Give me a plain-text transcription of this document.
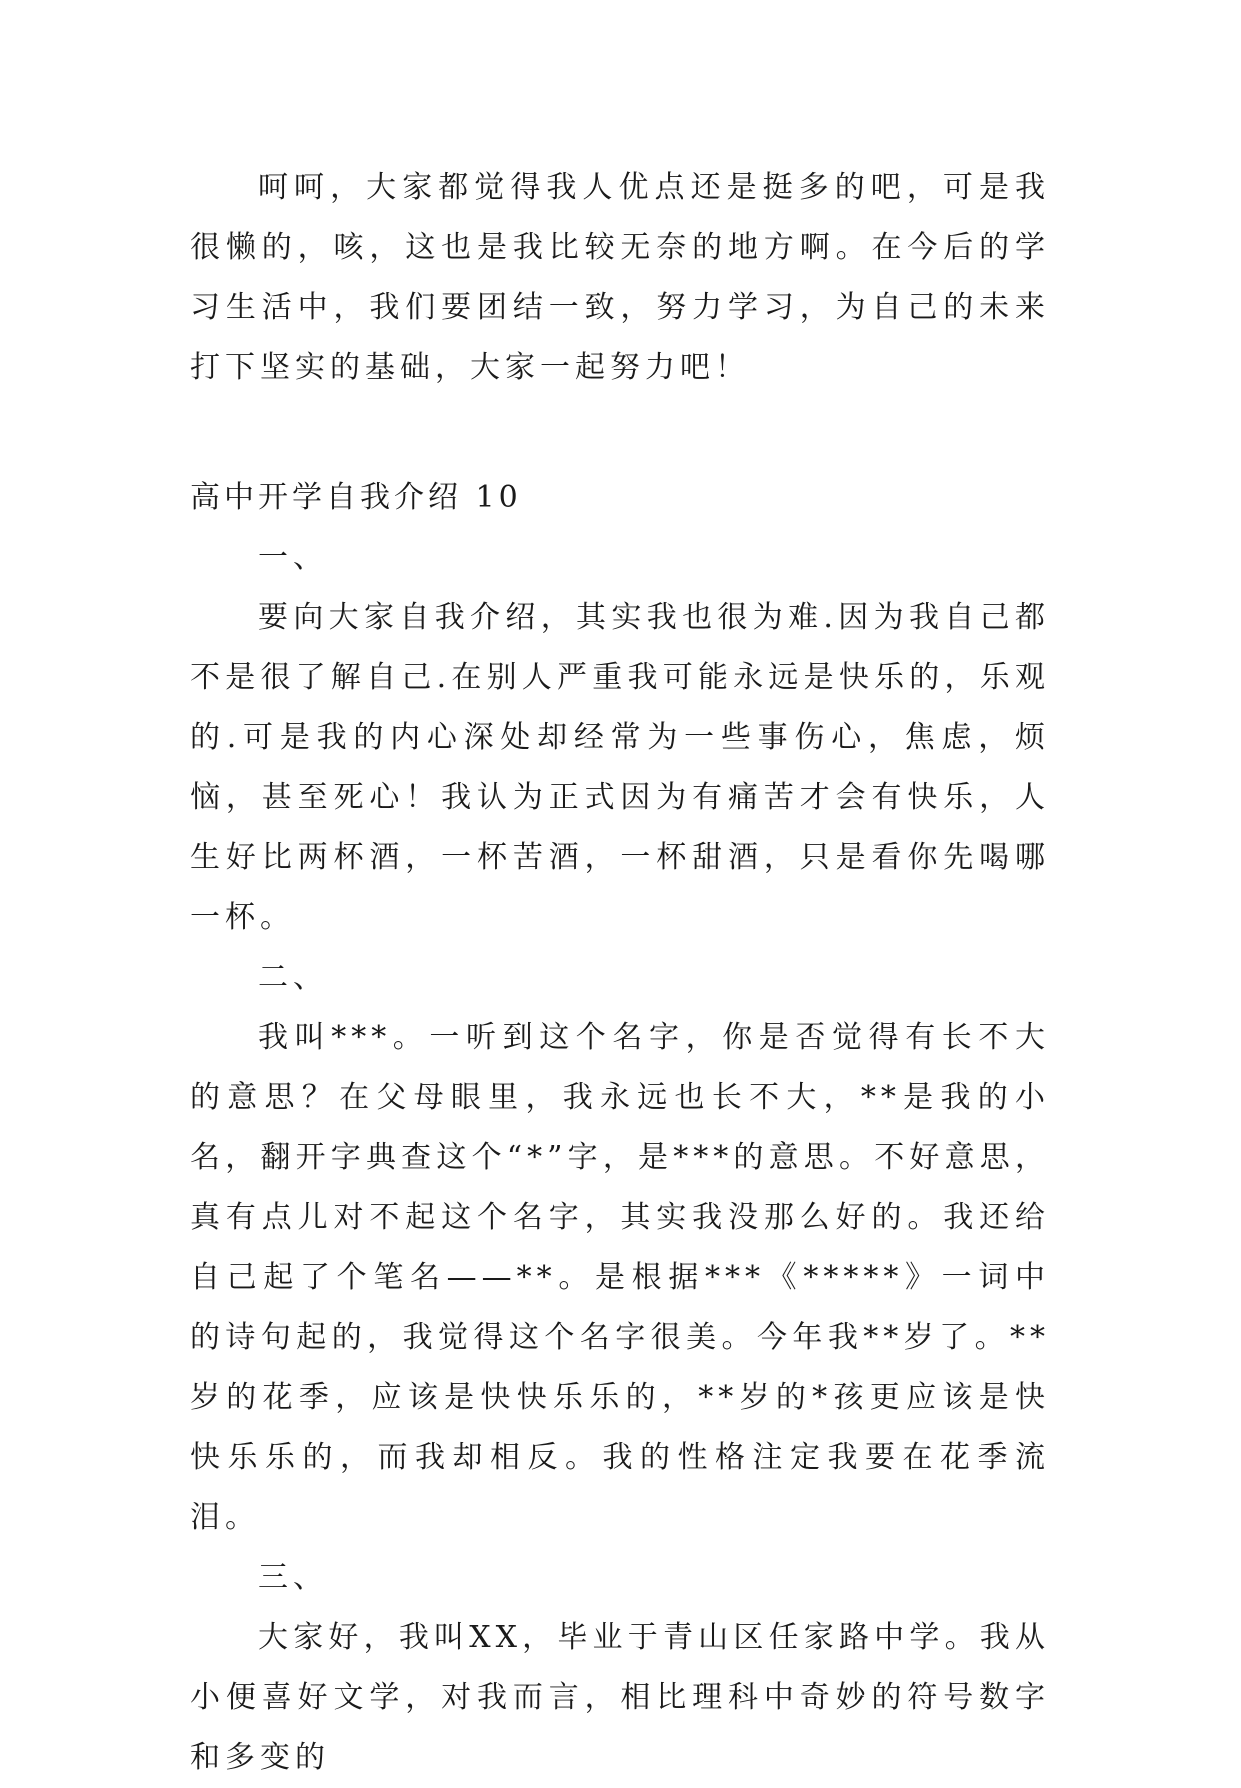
呵呵，大家都觉得我人优点还是挺多的吧，可是我很懒的，咳，这也是我比较无奈的地方啊。在今后的学习生活中，我们要团结一致，努力学习，为自己的未来打下坚实的基础，大家一起努力吧！

高中开学自我介绍 10

一、

要向大家自我介绍，其实我也很为难.因为我自己都不是很了解自己.在别人严重我可能永远是快乐的，乐观的.可是我的内心深处却经常为一些事伤心，焦虑，烦恼，甚至死心！我认为正式因为有痛苦才会有快乐，人生好比两杯酒，一杯苦酒，一杯甜酒，只是看你先喝哪一杯。

二、

我叫***。一听到这个名字，你是否觉得有长不大的意思？在父母眼里，我永远也长不大，**是我的小名，翻开字典查这个“*”字，是***的意思。不好意思，真有点儿对不起这个名字，其实我没那么好的。我还给自己起了个笔名——**。是根据***《*****》一词中的诗句起的，我觉得这个名字很美。今年我**岁了。**岁的花季，应该是快快乐乐的，**岁的*孩更应该是快快乐乐的，而我却相反。我的性格注定我要在花季流泪。

三、

大家好，我叫XX，毕业于青山区任家路中学。我从小便喜好文学，对我而言，相比理科中奇妙的符号数字和多变的
